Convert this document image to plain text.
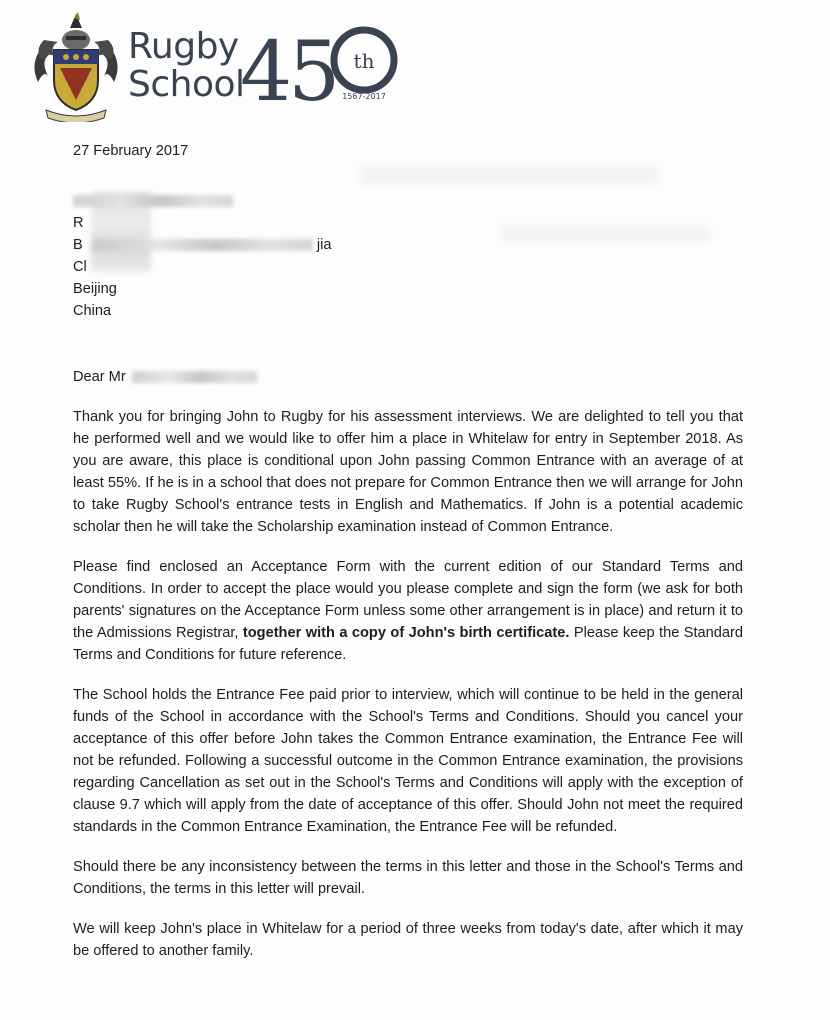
Rugby
School
45 th
1567-2017
27 February 2017
R
B	jia
Cl
Beijing
China
Dear Mr

Thank you for bringing John to Rugby for his assessment interviews. We are delighted to tell you that he performed well and we would like to offer him a place in Whitelaw for entry in September 2018. As you are aware, this place is conditional upon John passing Common Entrance with an average of at least 55%. If he is in a school that does not prepare for Common Entrance then we will arrange for John to take Rugby School's entrance tests in English and Mathematics. If John is a potential academic scholar then he will take the Scholarship examination instead of Common Entrance.

Please find enclosed an Acceptance Form with the current edition of our Standard Terms and Conditions. In order to accept the place would you please complete and sign the form (we ask for both parents' signatures on the Acceptance Form unless some other arrangement is in place) and return it to the Admissions Registrar, together with a copy of John's birth certificate. Please keep the Standard Terms and Conditions for future reference.

The School holds the Entrance Fee paid prior to interview, which will continue to be held in the general funds of the School in accordance with the School's Terms and Conditions. Should you cancel your acceptance of this offer before John takes the Common Entrance examination, the Entrance Fee will not be refunded. Following a successful outcome in the Common Entrance examination, the provisions regarding Cancellation as set out in the School's Terms and Conditions will apply with the exception of clause 9.7 which will apply from the date of acceptance of this offer. Should John not meet the required standards in the Common Entrance Examination, the Entrance Fee will be refunded.

Should there be any inconsistency between the terms in this letter and those in the School's Terms and Conditions, the terms in this letter will prevail.

We will keep John's place in Whitelaw for a period of three weeks from today's date, after which it may be offered to another family.
